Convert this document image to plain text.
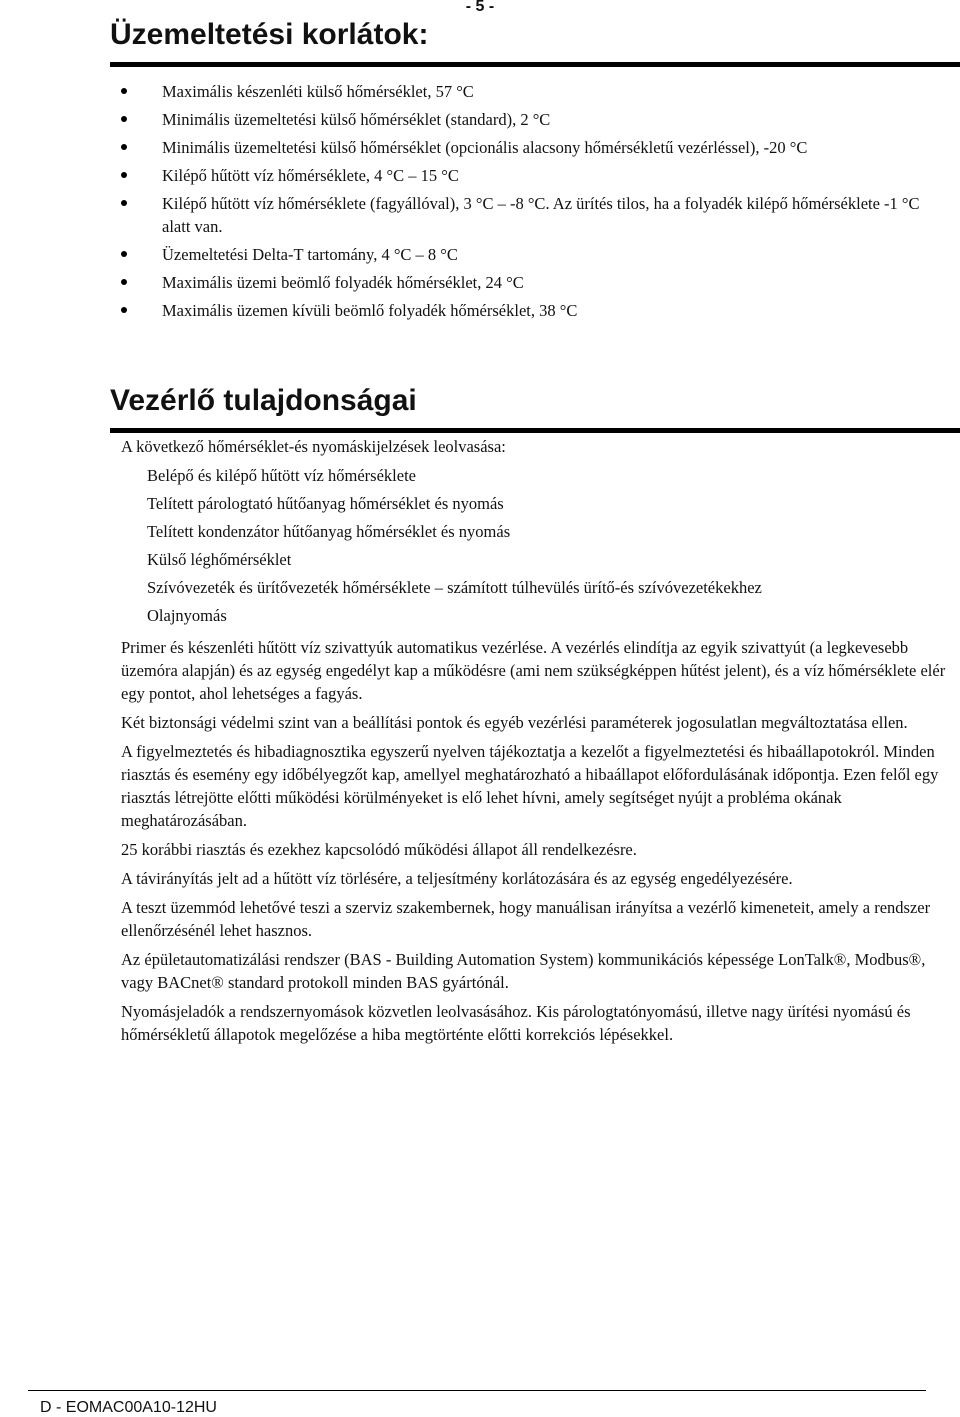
- 5 -
Üzemeltetési korlátok:
Maximális készenléti külső hőmérséklet, 57 °C
Minimális üzemeltetési külső hőmérséklet (standard), 2 °C
Minimális üzemeltetési külső hőmérséklet (opcionális alacsony hőmérsékletű vezérléssel), -20 °C
Kilépő hűtött víz hőmérséklete, 4 °C – 15 °C
Kilépő hűtött víz hőmérséklete (fagyállóval), 3 °C – -8 °C. Az ürítés tilos, ha a folyadék kilépő hőmérséklete -1 °C alatt van.
Üzemeltetési Delta-T tartomány, 4 °C – 8 °C
Maximális üzemi beömlő folyadék hőmérséklet, 24 °C
Maximális üzemen kívüli beömlő folyadék hőmérséklet, 38 °C
Vezérlő tulajdonságai

A következő hőmérséklet-és nyomáskijelzések leolvasása:

Belépő és kilépő hűtött víz hőmérséklete
Telített párologtató hűtőanyag hőmérséklet és nyomás
Telített kondenzátor hűtőanyag hőmérséklet és nyomás
Külső léghőmérséklet
Szívóvezeték és ürítővezeték hőmérséklete – számított túlhevülés ürítő-és szívóvezetékekhez
Olajnyomás

Primer és készenléti hűtött víz szivattyúk automatikus vezérlése. A vezérlés elindítja az egyik szivattyút (a legkevesebb üzemóra alapján) és az egység engedélyt kap a működésre (ami nem szükségképpen hűtést jelent), és a víz hőmérséklete elér egy pontot, ahol lehetséges a fagyás.

Két biztonsági védelmi szint van a beállítási pontok és egyéb vezérlési paraméterek jogosulatlan megváltoztatása ellen.

A figyelmeztetés és hibadiagnosztika egyszerű nyelven tájékoztatja a kezelőt a figyelmeztetési és hibaállapotokról. Minden riasztás és esemény egy időbélyegzőt kap, amellyel meghatározható a hibaállapot előfordulásának időpontja. Ezen felől egy riasztás létrejötte előtti működési körülményeket is elő lehet hívni, amely segítséget nyújt a probléma okának meghatározásában.

25 korábbi riasztás és ezekhez kapcsolódó működési állapot áll rendelkezésre.

A távirányítás jelt ad a hűtött víz törlésére, a teljesítmény korlátozására és az egység engedélyezésére.

A teszt üzemmód lehetővé teszi a szerviz szakembernek, hogy manuálisan irányítsa a vezérlő kimeneteit, amely a rendszer ellenőrzésénél lehet hasznos.

Az épületautomatizálási rendszer (BAS - Building Automation System) kommunikációs képessége LonTalk®, Modbus®, vagy BACnet® standard protokoll minden BAS gyártónál.

Nyomásjeladók a rendszernyomások közvetlen leolvasásához. Kis párologtatónyomású, illetve nagy ürítési nyomású és hőmérsékletű állapotok megelőzése a hiba megtörténte előtti korrekciós lépésekkel.

D - EOMAC00A10-12HU
